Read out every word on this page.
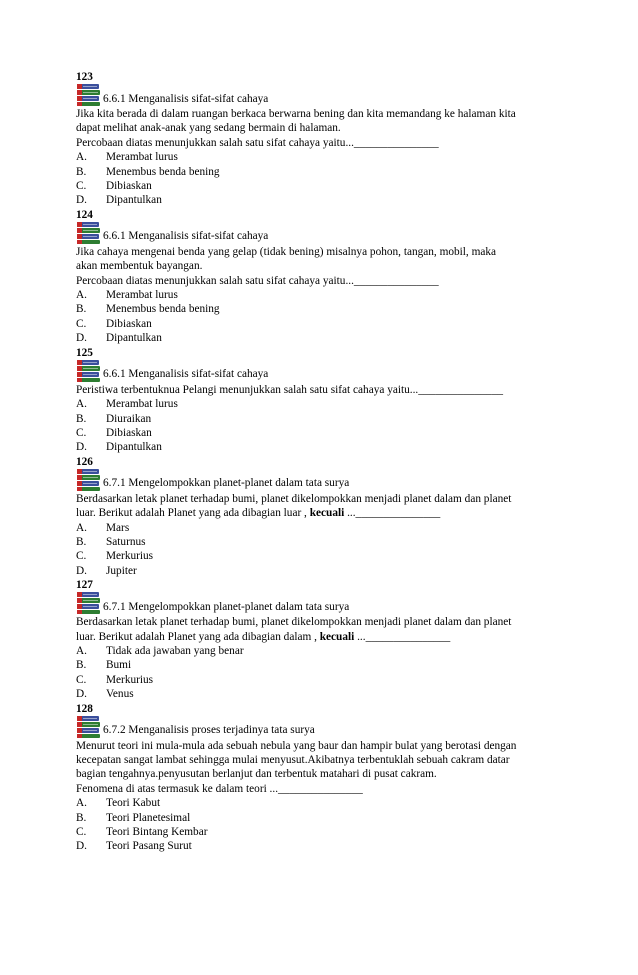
123
6.6.1 Menganalisis sifat-sifat cahaya
Jika kita berada di dalam ruangan berkaca berwarna bening dan kita memandang ke halaman kita
dapat melihat anak-anak yang sedang bermain di halaman.
Percobaan diatas menunjukkan salah satu sifat cahaya yaitu..._______________
A.	Merambat lurus
B.	Menembus benda bening
C.	Dibiaskan
D.	Dipantulkan
124
6.6.1 Menganalisis sifat-sifat cahaya
Jika cahaya mengenai benda yang gelap (tidak bening) misalnya pohon, tangan, mobil, maka
akan membentuk bayangan.
Percobaan diatas menunjukkan salah satu sifat cahaya yaitu..._______________
A.	Merambat lurus
B.	Menembus benda bening
C.	Dibiaskan
D.	Dipantulkan
125
6.6.1 Menganalisis sifat-sifat cahaya
Peristiwa terbentuknua Pelangi menunjukkan salah satu sifat cahaya yaitu..._______________
A.	Merambat lurus
B.	Diuraikan
C.	Dibiaskan
D.	Dipantulkan
126
6.7.1 Mengelompokkan planet-planet dalam tata surya
Berdasarkan letak planet terhadap bumi, planet dikelompokkan menjadi planet dalam dan planet
luar. Berikut adalah Planet yang ada dibagian luar , kecuali ..._______________
A.	Mars
B.	Saturnus
C.	Merkurius
D.	Jupiter
127
6.7.1 Mengelompokkan planet-planet dalam tata surya
Berdasarkan letak planet terhadap bumi, planet dikelompokkan menjadi planet dalam dan planet
luar. Berikut adalah Planet yang ada dibagian dalam , kecuali ..._______________
A.	Tidak ada jawaban yang benar
B.	Bumi
C.	Merkurius
D.	Venus
128
6.7.2 Menganalisis proses terjadinya tata surya
Menurut teori ini mula-mula ada sebuah nebula yang baur dan hampir bulat yang berotasi dengan
kecepatan sangat lambat sehingga mulai menyusut.Akibatnya terbentuklah sebuah cakram datar
bagian tengahnya.penyusutan berlanjut dan terbentuk matahari di pusat cakram.
Fenomena di atas termasuk ke dalam teori ..._______________
A.	Teori Kabut
B.	Teori Planetesimal
C.	Teori Bintang Kembar
D.	Teori Pasang Surut
